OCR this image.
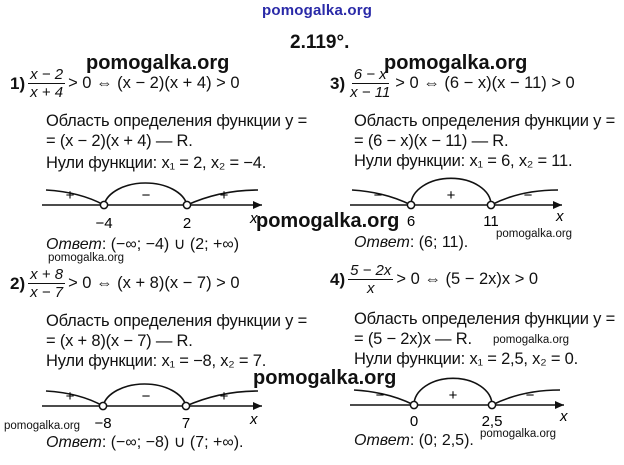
pomogalka.org
pomogalka.org	pomogalka.org
pomogalka.org
pomogalka.org
pomogalka.org
pomogalka.org
pomogalka.org
pomogalka.org
pomogalka.org
2.119°.
$1) \frac{x - 2}{x + 4} > 0$ ⇔ (x − 2)(x + 4) > 0
Область определения функции y =
= (x − 2)(x + 4) — R.
Нули функции: x₁ = 2, x₂ = −4.
+	−	+
−4	2	x
Ответ: (−∞; −4) ∪ (2; +∞)
$2) \frac{x + 8}{x - 7} > 0$ ⇔ (x + 8)(x − 7) > 0
Область определения функции y =
= (x + 8)(x − 7) — R.
Нули функции: x₁ = −8, x₂ = 7.
+	−	+
−8	7	x
Ответ: (−∞; −8) ∪ (7; +∞).
$3) \frac{6 - x}{x - 11} > 0$ ⇔ (6 − x)(x − 11) > 0
Область определения функции y =
= (6 − x)(x − 11) — R.
Нули функции: x₁ = 6, x₂ = 11.
−	+	−
6	11	x
Ответ: (6; 11).
$4) \frac{5 - 2x}{x} > 0$ ⇔ (5 − 2x)x > 0
Область определения функции y =
= (5 − 2x)x — R.
Нули функции: x₁ = 2,5, x₂ = 0.
−	+	−
0	2,5	x
Ответ: (0; 2,5).
